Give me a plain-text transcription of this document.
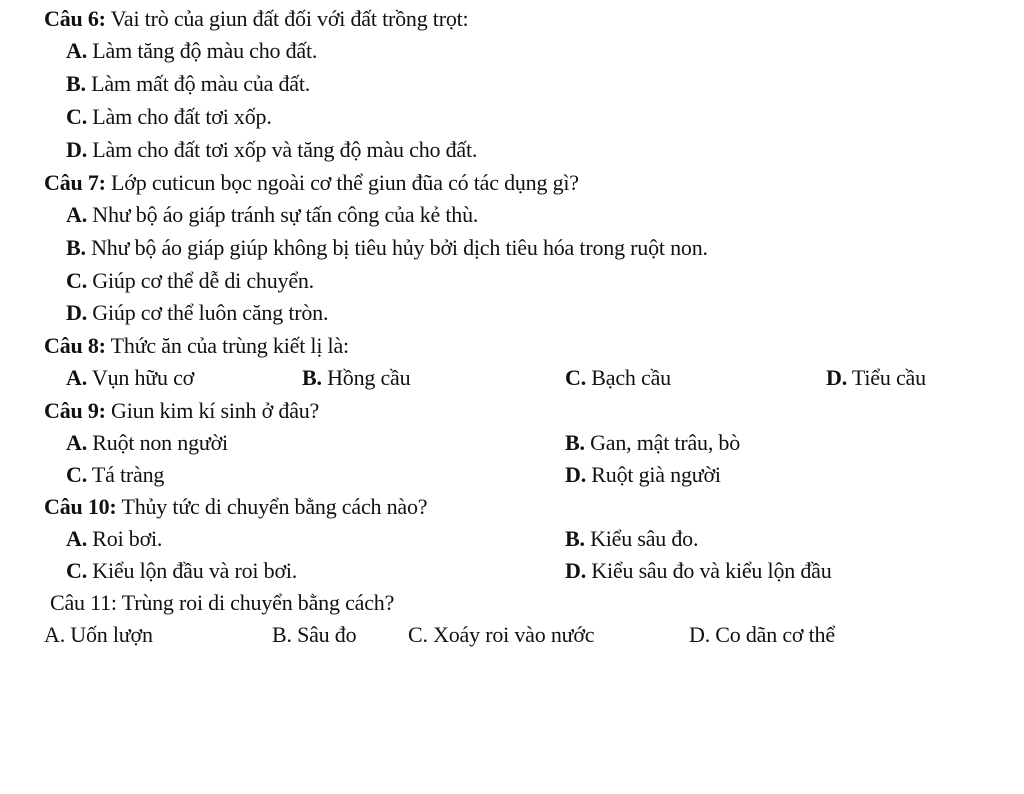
Câu 6: Vai trò của giun đất đối với đất trồng trọt:
A. Làm tăng độ màu cho đất.
B. Làm mất độ màu của đất.
C. Làm cho đất tơi xốp.
D. Làm cho đất tơi xốp và tăng độ màu cho đất.
Câu 7: Lớp cuticun bọc ngoài cơ thể giun đũa có tác dụng gì?
A. Như bộ áo giáp tránh sự tấn công của kẻ thù.
B. Như bộ áo giáp giúp không bị tiêu hủy bởi dịch tiêu hóa trong ruột non.
C. Giúp cơ thể dễ di chuyển.
D. Giúp cơ thể luôn căng tròn.
Câu 8: Thức ăn của trùng kiết lị là:
A. Vụn hữu cơ	B. Hồng cầu	C. Bạch cầu	D. Tiểu cầu
Câu 9: Giun kim kí sinh ở đâu?
A. Ruột non người	B. Gan, mật trâu, bò
C. Tá tràng	D. Ruột già người
Câu 10: Thủy tức di chuyển bằng cách nào?
A. Roi bơi.	B. Kiểu sâu đo.
C. Kiểu lộn đầu và roi bơi.	D. Kiểu sâu đo và kiểu lộn đầu
Câu 11: Trùng roi di chuyển bằng cách?
A. Uốn lượn	B. Sâu đo C. Xoáy roi vào nước	D. Co dãn cơ thể
